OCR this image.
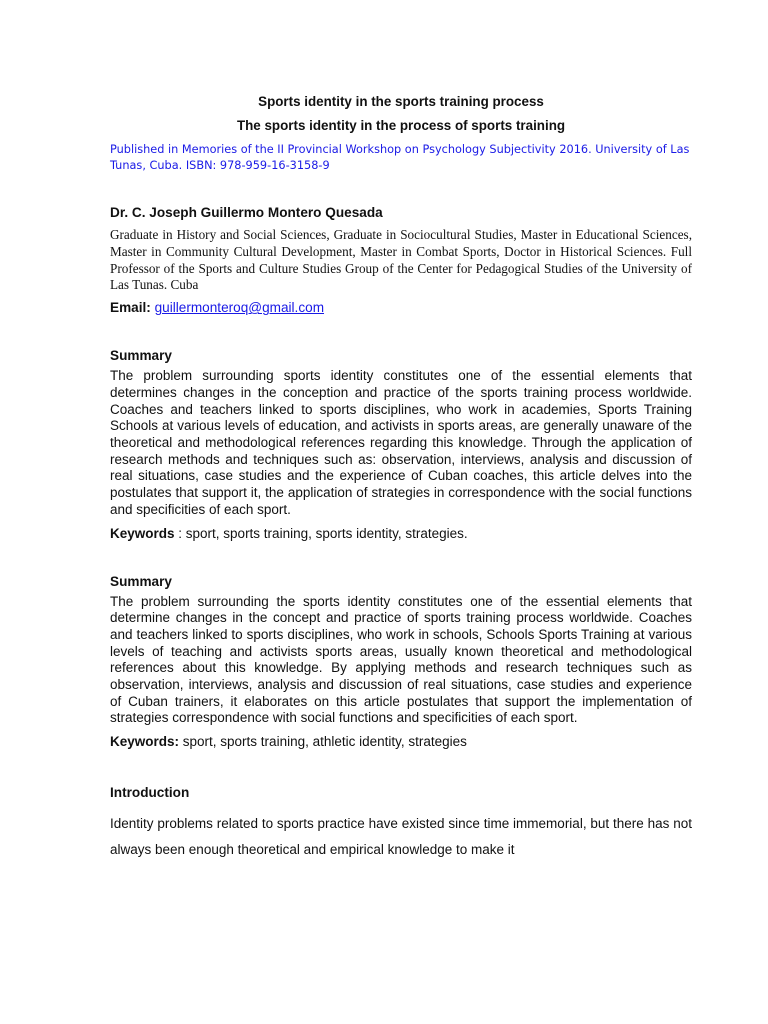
Sports identity in the sports training process

The sports identity in the process of sports training

Published in Memories of the II Provincial Workshop on Psychology Subjectivity 2016. University of Las Tunas, Cuba. ISBN: 978-959-16-3158-9

Dr. C. Joseph Guillermo Montero Quesada

Graduate in History and Social Sciences, Graduate in Sociocultural Studies, Master in Educational Sciences, Master in Community Cultural Development, Master in Combat Sports, Doctor in Historical Sciences. Full Professor of the Sports and Culture Studies Group of the Center for Pedagogical Studies of the University of Las Tunas. Cuba

Email: guillermonteroq@gmail.com

Summary

The problem surrounding sports identity constitutes one of the essential elements that determines changes in the conception and practice of the sports training process worldwide. Coaches and teachers linked to sports disciplines, who work in academies, Sports Training Schools at various levels of education, and activists in sports areas, are generally unaware of the theoretical and methodological references regarding this knowledge. Through the application of research methods and techniques such as: observation, interviews, analysis and discussion of real situations, case studies and the experience of Cuban coaches, this article delves into the postulates that support it, the application of strategies in correspondence with the social functions and specificities of each sport.

Keywords : sport, sports training, sports identity, strategies.

Summary

The problem surrounding the sports identity constitutes one of the essential elements that determine changes in the concept and practice of sports training process worldwide. Coaches and teachers linked to sports disciplines, who work in schools, Schools Sports Training at various levels of teaching and activists sports areas, usually known theoretical and methodological references about this knowledge. By applying methods and research techniques such as observation, interviews, analysis and discussion of real situations, case studies and experience of Cuban trainers, it elaborates on this article postulates that support the implementation of strategies correspondence with social functions and specificities of each sport.

Keywords: sport, sports training, athletic identity, strategies

Introduction

Identity problems related to sports practice have existed since time immemorial, but there has not always been enough theoretical and empirical knowledge to make it
